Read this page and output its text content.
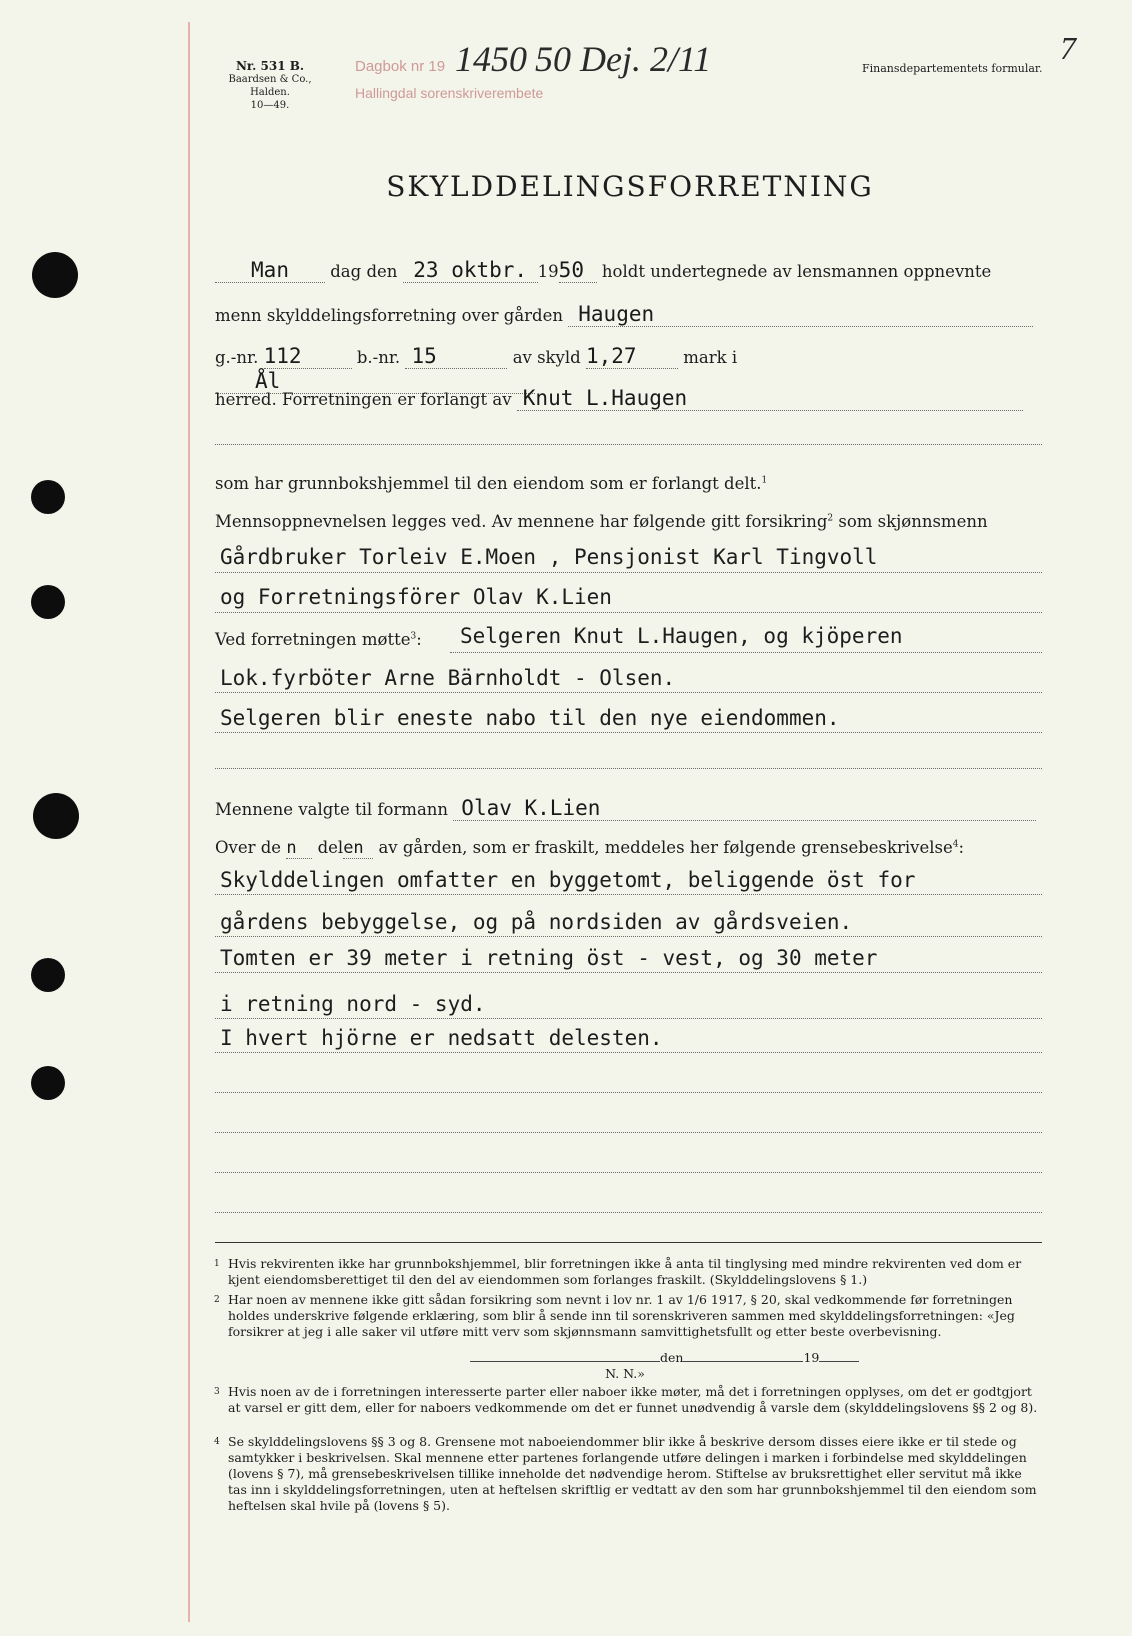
Nr. 531 B.
Baardsen & Co., Halden.
10—49.
Dagbok nr 19
Hallingdal sorenskriverembete
1450 50 Dej. 2/11	Finansdepartementets formular.
7
SKYLDDELINGSFORRETNING
Man	dag den 23 oktbr. 1950 holdt undertegnede av lensmannen oppnevnte
menn skylddelingsforretning over gården Haugen
g.-nr. 112	b.-nr. 15	av skyld 1,27	mark i Ål
herred. Forretningen er forlangt av Knut L.Haugen
som har grunnbokshjemmel til den eiendom som er forlangt delt.$^1$
Mennsoppnevnelsen legges ved. Av mennene har følgende gitt forsikring$^2$ som skjønnsmenn
Gårdbruker Torleiv E.Moen , Pensjonist Karl Tingvoll
og Forretningsförer Olav K.Lien
Ved forretningen møtte$^3$:	Selgeren Knut L.Haugen, og kjöperen
Lok.fyrböter Arne Bärnholdt - Olsen.
Selgeren blir eneste nabo til den nye eiendommen.
Mennene valgte til formann Olav K.Lien
Over de n delen av gården, som er fraskilt, meddeles her følgende grensebeskrivelse$^4$:
Skylddelingen omfatter en byggetomt, beliggende öst for
gårdens bebyggelse, og på nordsiden av gårdsveien.
Tomten er 39 meter i retning öst - vest, og 30 meter
i retning nord - syd.
I hvert hjörne er nedsatt delesten.
1 Hvis rekvirenten ikke har grunnbokshjemmel, blir forretningen ikke å anta til tinglysing med mindre rekvirenten ved dom er kjent eiendomsberettiget til den del av eiendommen som forlanges fraskilt. (Skylddelingslovens § 1.)
2 Har noen av mennene ikke gitt sådan forsikring som nevnt i lov nr. 1 av 1/6 1917, § 20, skal vedkommende før forretningen holdes underskrive følgende erklæring, som blir å sende inn til sorenskriveren sammen med skylddelingsforretningen: «Jeg forsikrer at jeg i alle saker vil utføre mitt verv som skjønnsmann samvittighetsfullt og etter beste overbevisning.
den	19
N. N.»
3 Hvis noen av de i forretningen interesserte parter eller naboer ikke møter, må det i forretningen opplyses, om det er godtgjort at varsel er gitt dem, eller for naboers vedkommende om det er funnet unødvendig å varsle dem (skylddelingslovens §§ 2 og 8).
4 Se skylddelingslovens §§ 3 og 8. Grensene mot naboeiendommer blir ikke å beskrive dersom disses eiere ikke er til stede og samtykker i beskrivelsen. Skal mennene etter partenes forlangende utføre delingen i marken i forbindelse med skylddelingen (lovens § 7), må grensebeskrivelsen tillike inneholde det nødvendige herom. Stiftelse av bruksrettighet eller servitut må ikke tas inn i skylddelingsforretningen, uten at heftelsen skriftlig er vedtatt av den som har grunnbokshjemmel til den eiendom som heftelsen skal hvile på (lovens § 5).
